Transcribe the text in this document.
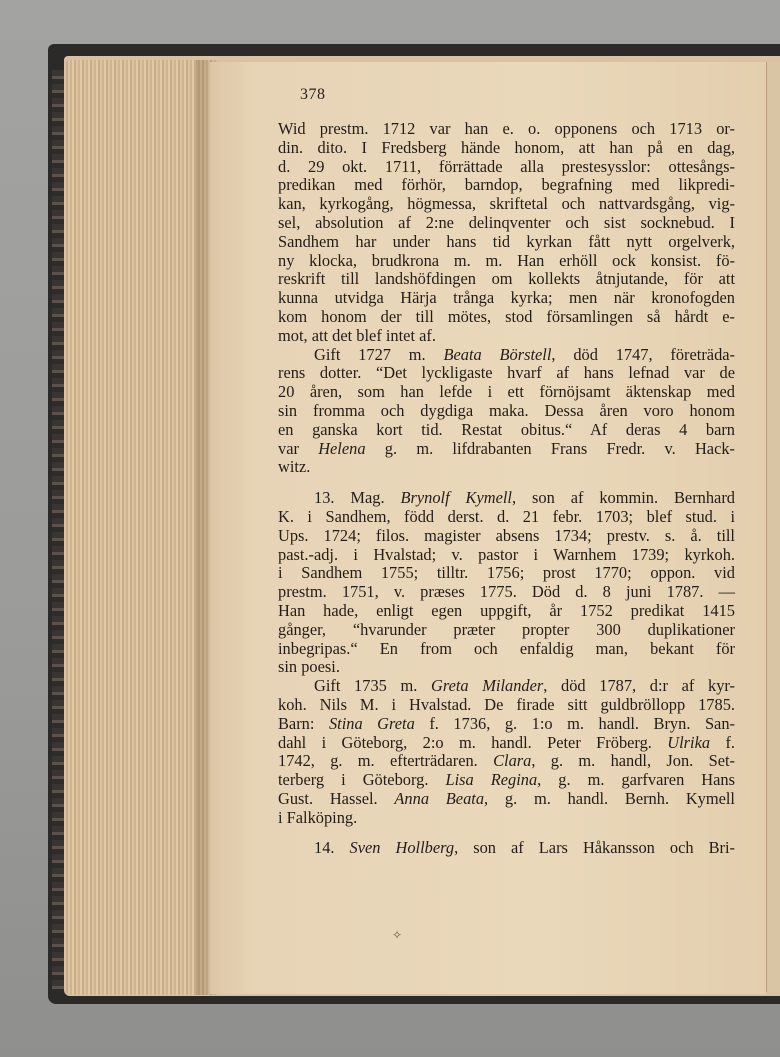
378

Wid prestm. 1712 var han e. o. opponens och 1713 or-

din. dito. I Fredsberg hände honom, att han på en dag,

d. 29 okt. 1711, förrättade alla prestesysslor: ottesångs-

predikan med förhör, barndop, begrafning med likpredi-

kan, kyrkogång, högmessa, skriftetal och nattvardsgång, vig-

sel, absolution af 2:ne delinqventer och sist socknebud. I

Sandhem har under hans tid kyrkan fått nytt orgelverk,

ny klocka, brudkrona m. m. Han erhöll ock konsist. fö-

reskrift till landshöfdingen om kollekts åtnjutande, för att

kunna utvidga Härja trånga kyrka; men när kronofogden

kom honom der till mötes, stod församlingen så hårdt e-

mot, att det blef intet af.

Gift 1727 m. Beata Börstell, död 1747, företräda-

rens dotter. “Det lyckligaste hvarf af hans lefnad var de

20 åren, som han lefde i ett förnöjsamt äktenskap med

sin fromma och dygdiga maka. Dessa åren voro honom

en ganska kort tid. Restat obitus.“ Af deras 4 barn

var Helena g. m. lifdrabanten Frans Fredr. v. Hack-

witz.

13. Mag. Brynolf Kymell, son af kommin. Bernhard

K. i Sandhem, född derst. d. 21 febr. 1703; blef stud. i

Ups. 1724; filos. magister absens 1734; prestv. s. å. till

past.-adj. i Hvalstad; v. pastor i Warnhem 1739; kyrkoh.

i Sandhem 1755; tilltr. 1756; prost 1770; oppon. vid

prestm. 1751, v. præses 1775. Död d. 8 juni 1787. —

Han hade, enligt egen uppgift, år 1752 predikat 1415

gånger, “hvarunder præter propter 300 duplikationer

inbegripas.“ En from och enfaldig man, bekant för

sin poesi.

Gift 1735 m. Greta Milander, död 1787, d:r af kyr-

koh. Nils M. i Hvalstad. De firade sitt guldbröllopp 1785.

Barn: Stina Greta f. 1736, g. 1:o m. handl. Bryn. San-

dahl i Göteborg, 2:o m. handl. Peter Fröberg. Ulrika f.

1742, g. m. efterträdaren. Clara, g. m. handl, Jon. Set-

terberg i Göteborg. Lisa Regina, g. m. garfvaren Hans

Gust. Hassel. Anna Beata, g. m. handl. Bernh. Kymell

i Falköping.

14. Sven Hollberg, son af Lars Håkansson och Bri-

✧
